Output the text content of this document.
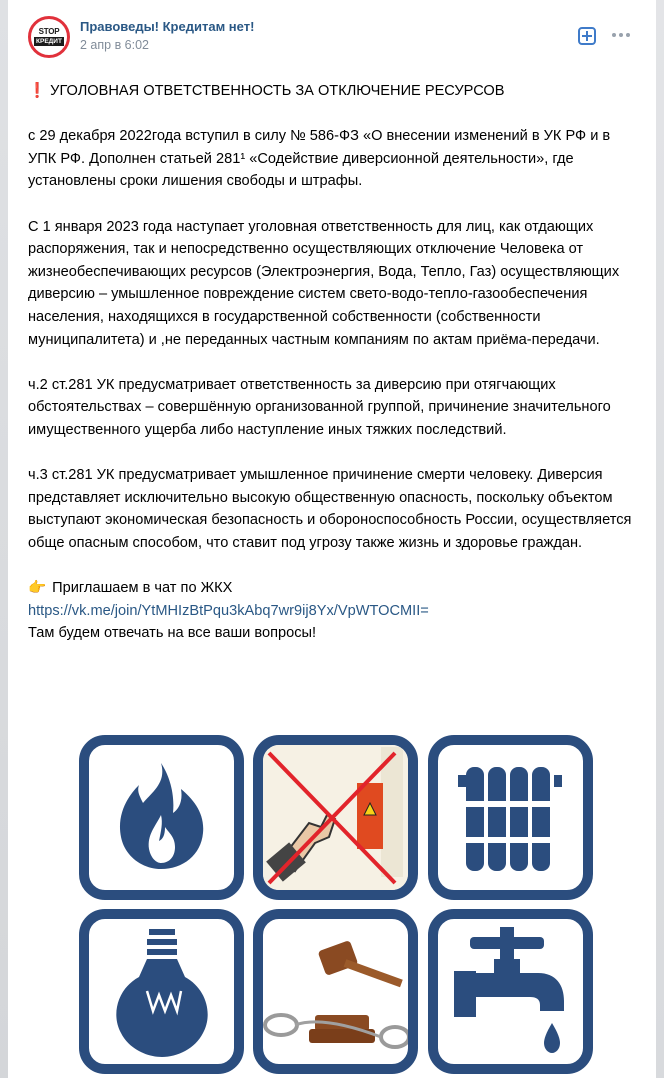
STOP
КРЕДИТ
Правоведы! Кредитам нет!
2 апр в 6:02

❗ УГОЛОВНАЯ ОТВЕТСТВЕННОСТЬ ЗА ОТКЛЮЧЕНИЕ РЕСУРСОВ

с 29 декабря 2022года вступил в силу № 586-ФЗ «О внесении изменений в УК РФ и в УПК РФ. Дополнен статьей 281¹ «Содействие диверсионной деятельности», где установлены сроки лишения свободы и штрафы.

С 1 января 2023 года наступает уголовная ответственность для лиц, как отдающих распоряжения, так и непосредственно осуществляющих отключение Человека от жизнеобеспечивающих ресурсов (Электроэнергия, Вода, Тепло, Газ) осуществляющих диверсию – умышленное повреждение систем свето-водо-тепло-газообеспечения населения, находящихся в государственной собственности (собственности муниципалитета) и ,не переданных частным компаниям по актам приёма-передачи.

ч.2 ст.281 УК предусматривает ответственность за диверсию при отягчающих обстоятельствах – совершённую организованной группой, причинение значительного имущественного ущерба либо наступление иных тяжких последствий.

ч.3 ст.281 УК предусматривает умышленное причинение смерти человеку. Диверсия представляет исключительно высокую общественную опасность, поскольку объектом выступают экономическая безопасность и обороноспособность России, осуществляется обще опасным способом, что ставит под угрозу также жизнь и здоровье граждан.

👉 Приглашаем в чат по ЖКХ

https://vk.me/join/YtMHIzBtPqu3kAbq7wr9ij8Yx/VpWTOCMII=

Там будем отвечать на все ваши вопросы!
